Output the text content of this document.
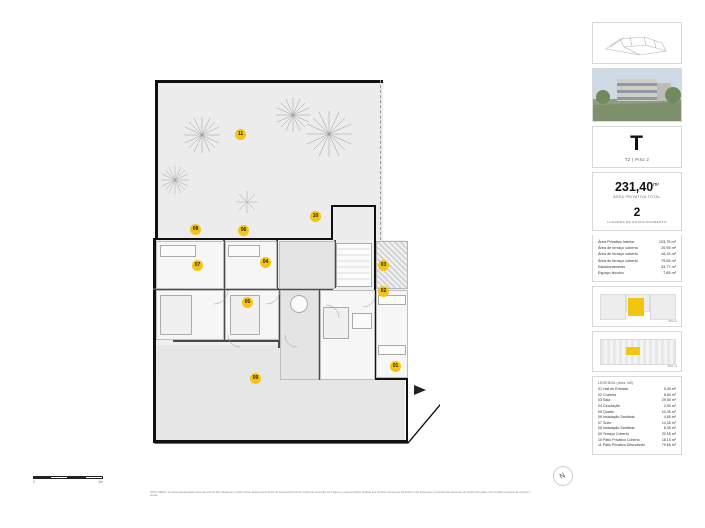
01
02
03
04
05
06
07
08
09
10
11	T
T2 | Piso 2
$231,40^{m^2}$
ÁREA PRIVATIVA TOTAL
2
LUGARES DE ESTACIONAMENTO
Área Privativa Interior	103,75 m²
Área de terraço coberto	20,95 m²
Área de terraço coberto	18,15 m²
Área de terraço coberto	79,55 m²
Estacionamento	33,77 m²
Espaço técnico	7,65 m²
Piso 2
Piso -3
LEGENDA (área útil)
01 Hall de Entrada	5,40 m²
02 Cozinha	6,60 m²
03 Sala	29,55 m²
04 Circulação	2,90 m²
05 Quarto	10,35 m²
06 Instalação Sanitária	4,65 m²
07 Suíte	14,35 m²
08 Instalação Sanitária	6,35 m²
09 Terraço Coberto	20,95 m²
10 Pátio Privativo Coberto	18,15 m²
11 Pátio Privativo Descoberto	79,65 m²
0	5m
NOTA GERAL: As áreas apresentadas neste documento são indicativas e podem sofrer ajustes decorrentes do desenvolvimento do projeto de execução. As imagens e representações gráficas têm carácter meramente ilustrativo e não dispensam a consulta dos elementos do projeto licenciado e do contrato promessa de compra e venda.
N
